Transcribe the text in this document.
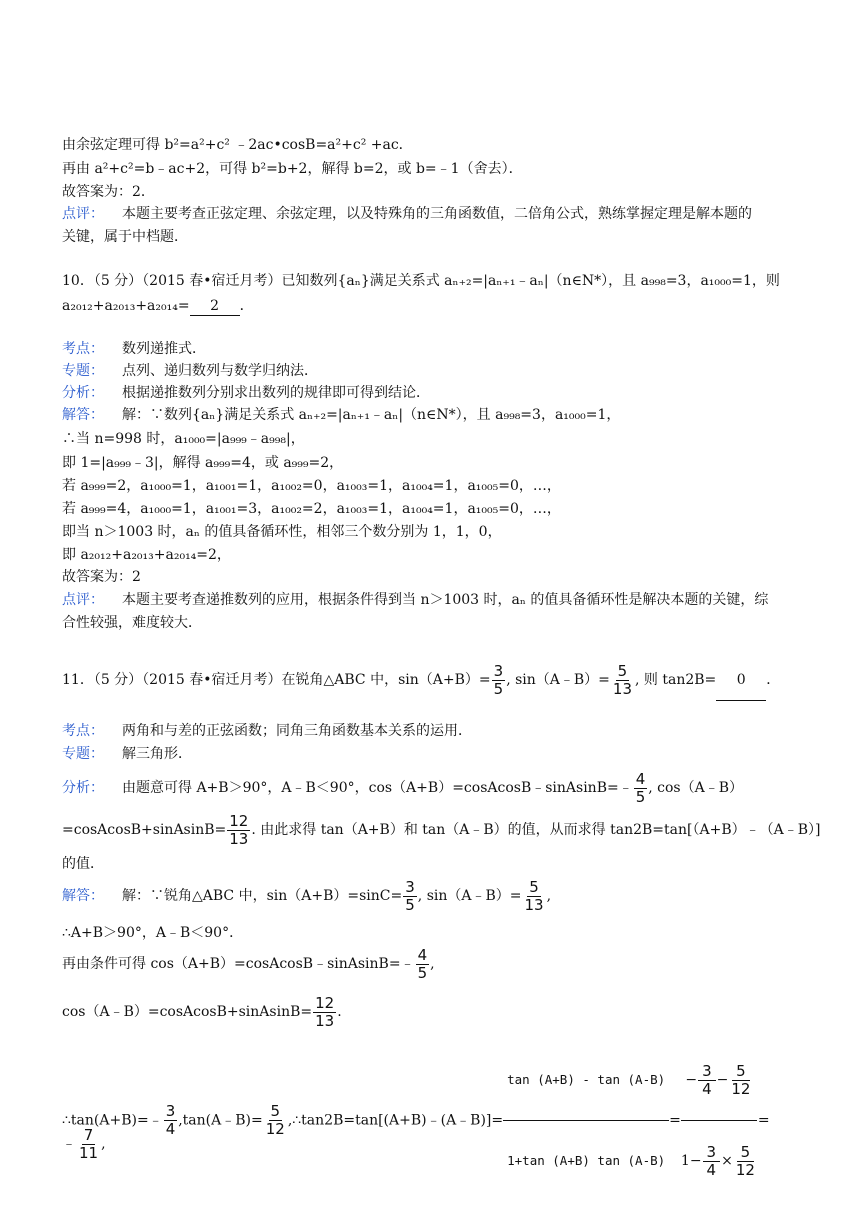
由余弦定理可得 b²=a²+c² ﹣2ac•cosB=a²+c² +ac．
再由 a²+c²=b﹣ac+2，可得 b²=b+2，解得 b=2，或 b=﹣1（舍去）．
故答案为：2．
点评： 本题主要考查正弦定理、余弦定理，以及特殊角的三角函数值，二倍角公式，熟练掌握定理是解本题的
关键，属于中档题．
10．（5 分）（2015 春•宿迁月考）已知数列{aₙ}满足关系式 aₙ₊₂=|aₙ₊₁﹣aₙ|（n∈N*），且 a₉₉₈=3，a₁₀₀₀=1，则
a₂₀₁₂+a₂₀₁₃+a₂₀₁₄= 2 ．
考点： 数列递推式．
专题： 点列、递归数列与数学归纳法．
分析： 根据递推数列分别求出数列的规律即可得到结论．
解答： 解：∵数列{aₙ}满足关系式 aₙ₊₂=|aₙ₊₁﹣aₙ|（n∈N*），且 a₉₉₈=3，a₁₀₀₀=1，
∴当 n=998 时，a₁₀₀₀=|a₉₉₉﹣a₉₉₈|，
即 1=|a₉₉₉﹣3|，解得 a₉₉₉=4，或 a₉₉₉=2，
若 a₉₉₉=2，a₁₀₀₀=1，a₁₀₀₁=1，a₁₀₀₂=0，a₁₀₀₃=1，a₁₀₀₄=1，a₁₀₀₅=0，…，
若 a₉₉₉=4，a₁₀₀₀=1，a₁₀₀₁=3，a₁₀₀₂=2，a₁₀₀₃=1，a₁₀₀₄=1，a₁₀₀₅=0，…，
即当 n＞1003 时，aₙ 的值具备循环性，相邻三个数分别为 1，1，0，
即 a₂₀₁₂+a₂₀₁₃+a₂₀₁₄=2，
故答案为：2
点评： 本题主要考查递推数列的应用，根据条件得到当 n＞1003 时，aₙ 的值具备循环性是解决本题的关键，综
合性较强，难度较大．
11．（5 分）（2015 春•宿迁月考）在锐角△ABC 中，$\sin(A+B)= \frac{3}{5}$ , sin（A﹣B）= $\frac{5}{13}$ , 则 tan2B= 0 ．
考点： 两角和与差的正弦函数；同角三角函数基本关系的运用．
专题： 解三角形．
分析： 由题意可得 A+B＞90°，A﹣B＜90°，cos（A+B）=cosAcosB﹣sinAsinB=﹣ $\frac{4}{5}$ , cos（A﹣B）
=cosAcosB+sinAsinB= $\frac{12}{13}$ . 由此求得 tan（A+B）和 tan（A﹣B）的值，从而求得 tan2B=tan[（A+B）﹣（A﹣B）]
的值．
解答： 解：∵锐角△ABC 中，$\sin(A+B)=\sin C= \frac{3}{5}$ , sin（A﹣B）= $\frac{5}{13}$ ,
∴A+B＞90°，A﹣B＜90°．
再由条件可得 cos（A+B）=cosAcosB﹣sinAsinB=﹣ $\frac{4}{5}$ ,
cos（A﹣B）=cosAcosB+sinAsinB= $\frac{12}{13}$ .
∴tan(A+B)=﹣ $\frac{3}{4}$ ,tan(A﹣B)= $\frac{5}{12}$ ,∴tan2B=tan[(A+B)﹣(A﹣B)]= $\frac{\tan (A+B) - \tan (A-B)}{1+\tan (A+B) \tan (A-B)} = \frac{- \frac{3}{4} - \frac{5}{12}}{1- \frac{3}{4} \times \frac{5}{12}}$ =
﹣ $\frac{7}{11}$ ,
